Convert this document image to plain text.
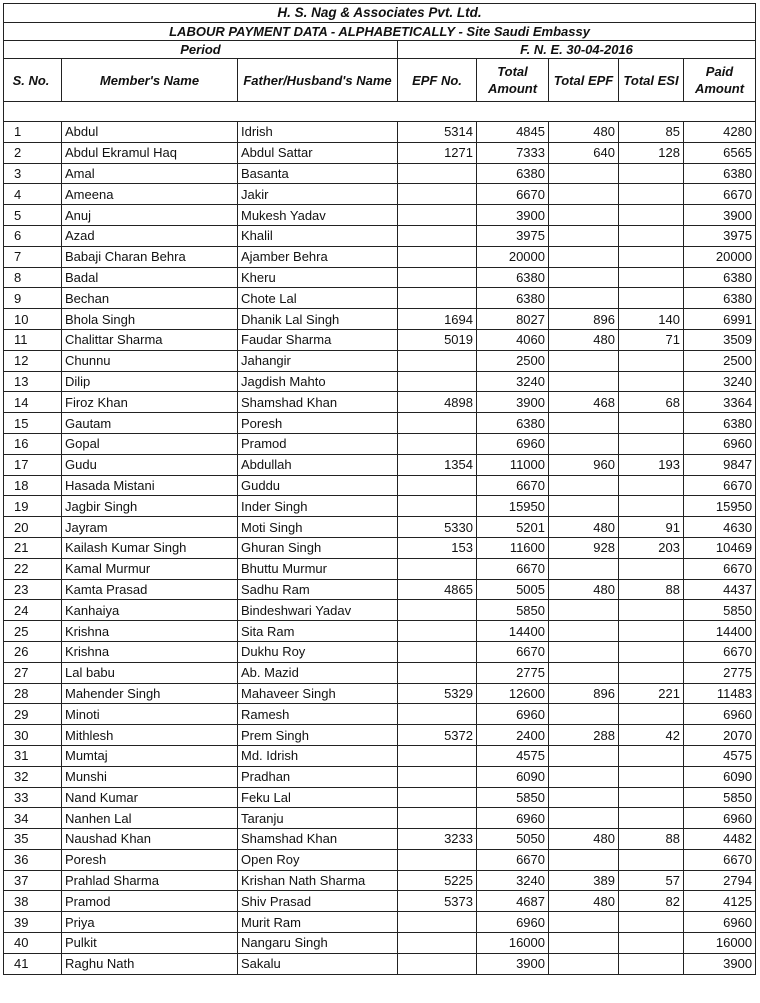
H. S. Nag & Associates Pvt. Ltd.							
LABOUR PAYMENT DATA - ALPHABETICALLY - Site Saudi Embassy							
Period			F. N. E. 30-04-2016				
S. No.	Member's Name	Father/Husband's Name	EPF No.	Total Amount	Total EPF	Total ESI	Paid Amount

1	Abdul	Idrish	5314	4845	480	85	4280
2	Abdul Ekramul Haq	Abdul Sattar	1271	7333	640	128	6565
3	Amal	Basanta		6380			6380
4	Ameena	Jakir		6670			6670
5	Anuj	Mukesh Yadav		3900			3900
6	Azad	Khalil		3975			3975
7	Babaji Charan Behra	Ajamber Behra		20000			20000
8	Badal	Kheru		6380			6380
9	Bechan	Chote Lal		6380			6380
10	Bhola Singh	Dhanik Lal Singh	1694	8027	896	140	6991
11	Chalittar Sharma	Faudar Sharma	5019	4060	480	71	3509
12	Chunnu	Jahangir		2500			2500
13	Dilip	Jagdish Mahto		3240			3240
14	Firoz Khan	Shamshad Khan	4898	3900	468	68	3364
15	Gautam	Poresh		6380			6380
16	Gopal	Pramod		6960			6960
17	Gudu	Abdullah	1354	11000	960	193	9847
18	Hasada Mistani	Guddu		6670			6670
19	Jagbir Singh	Inder Singh		15950			15950
20	Jayram	Moti Singh	5330	5201	480	91	4630
21	Kailash Kumar Singh	Ghuran Singh	153	11600	928	203	10469
22	Kamal Murmur	Bhuttu Murmur		6670			6670
23	Kamta Prasad	Sadhu Ram	4865	5005	480	88	4437
24	Kanhaiya	Bindeshwari Yadav		5850			5850
25	Krishna	Sita Ram		14400			14400
26	Krishna	Dukhu Roy		6670			6670
27	Lal babu	Ab. Mazid		2775			2775
28	Mahender Singh	Mahaveer Singh	5329	12600	896	221	11483
29	Minoti	Ramesh		6960			6960
30	Mithlesh	Prem Singh	5372	2400	288	42	2070
31	Mumtaj	Md. Idrish		4575			4575
32	Munshi	Pradhan		6090			6090
33	Nand Kumar	Feku Lal		5850			5850
34	Nanhen Lal	Taranju		6960			6960
35	Naushad Khan	Shamshad Khan	3233	5050	480	88	4482
36	Poresh	Open Roy		6670			6670
37	Prahlad Sharma	Krishan Nath Sharma	5225	3240	389	57	2794
38	Pramod	Shiv Prasad	5373	4687	480	82	4125
39	Priya	Murit Ram		6960			6960
40	Pulkit	Nangaru Singh		16000			16000
41	Raghu Nath	Sakalu		3900			3900
